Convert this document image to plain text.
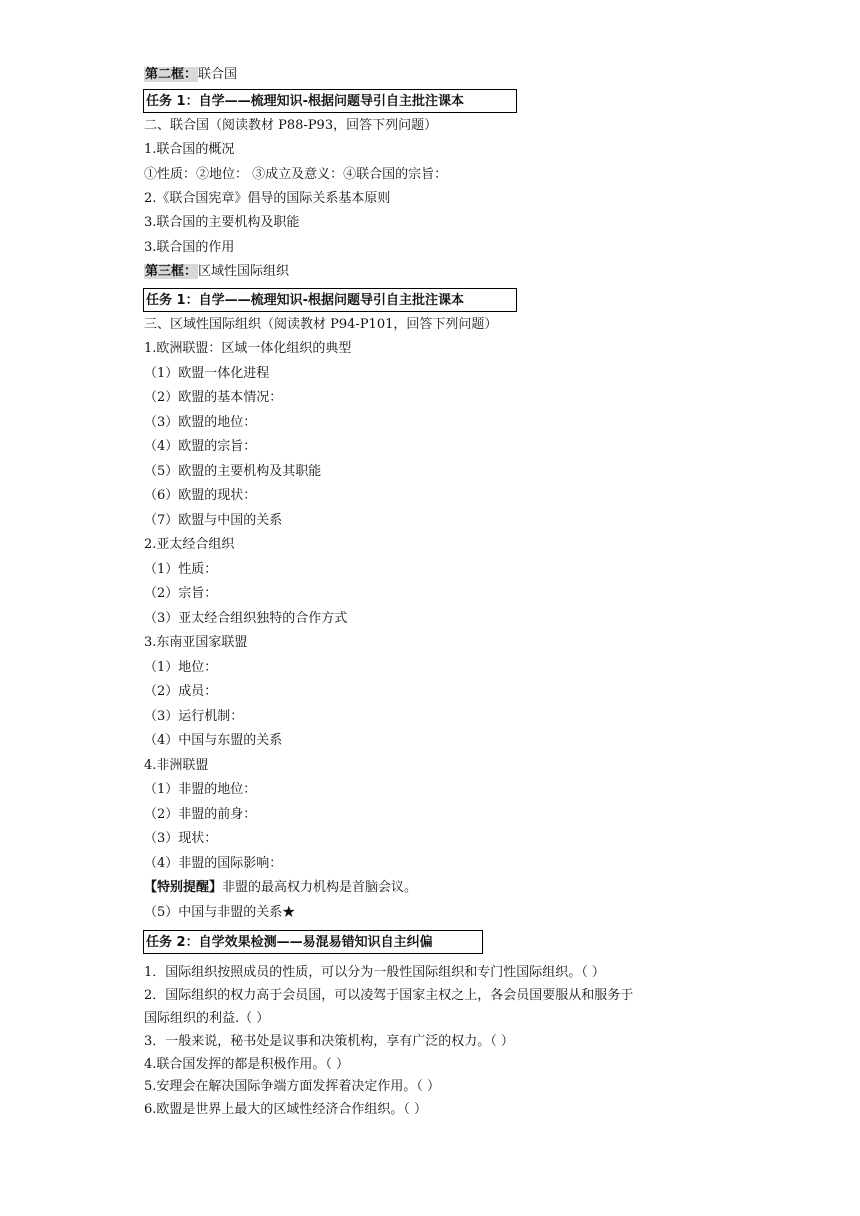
第二框：联合国
任务 1：自学——梳理知识-根据问题导引自主批注课本
二、联合国（阅读教材 P88-P93，回答下列问题）
1.联合国的概况
①性质：②地位： ③成立及意义：④联合国的宗旨：
2.《联合国宪章》倡导的国际关系基本原则
3.联合国的主要机构及职能
3.联合国的作用
第三框：区域性国际组织
任务 1：自学——梳理知识-根据问题导引自主批注课本
三、区域性国际组织（阅读教材 P94-P101，回答下列问题）
1.欧洲联盟：区域一体化组织的典型
（1）欧盟一体化进程
（2）欧盟的基本情况：
（3）欧盟的地位：
（4）欧盟的宗旨：
（5）欧盟的主要机构及其职能
（6）欧盟的现状：
（7）欧盟与中国的关系
2.亚太经合组织
（1）性质：
（2）宗旨：
（3）亚太经合组织独特的合作方式
3.东南亚国家联盟
（1）地位：
（2）成员：
（3）运行机制：
（4）中国与东盟的关系
4.非洲联盟
（1）非盟的地位：
（2）非盟的前身：
（3）现状：
（4）非盟的国际影响：
【特别提醒】非盟的最高权力机构是首脑会议。
（5）中国与非盟的关系★
任务 2：自学效果检测——易混易错知识自主纠偏
1．国际组织按照成员的性质，可以分为一般性国际组织和专门性国际组织。（ ）
2．国际组织的权力高于会员国，可以凌驾于国家主权之上，各会员国要服从和服务于
国际组织的利益.（ ）
3．一般来说，秘书处是议事和决策机构，享有广泛的权力。（ ）
4.联合国发挥的都是积极作用。（ ）
5.安理会在解决国际争端方面发挥着决定作用。（ ）
6.欧盟是世界上最大的区域性经济合作组织。（ ）
